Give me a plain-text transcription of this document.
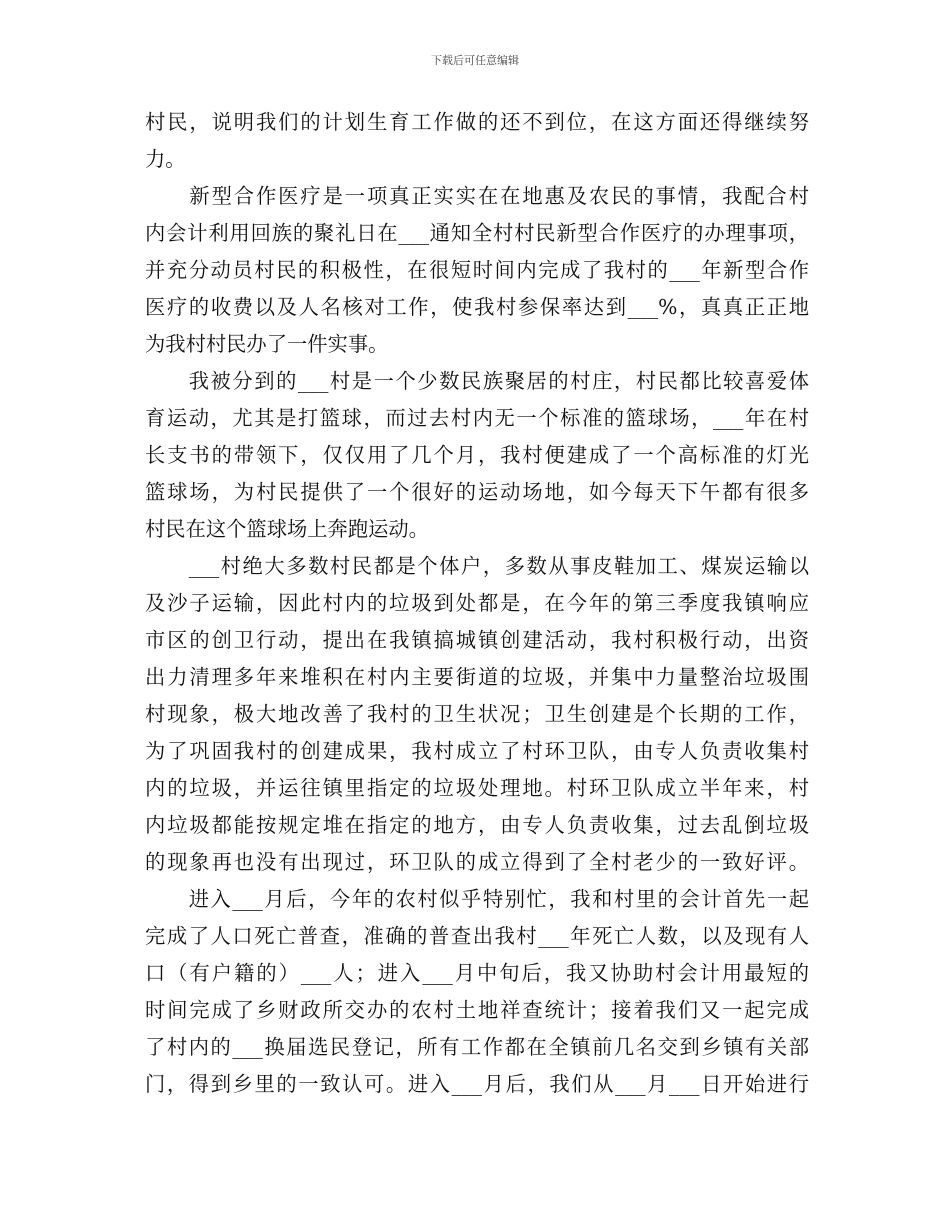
下载后可任意编辑
村民，说明我们的计划生育工作做的还不到位，在这方面还得继续努
力。
　　新型合作医疗是一项真正实实在在地惠及农民的事情，我配合村
内会计利用回族的聚礼日在___通知全村村民新型合作医疗的办理事项，
并充分动员村民的积极性，在很短时间内完成了我村的___年新型合作
医疗的收费以及人名核对工作，使我村参保率达到___%，真真正正地
为我村村民办了一件实事。
　　我被分到的___村是一个少数民族聚居的村庄，村民都比较喜爱体
育运动，尤其是打篮球，而过去村内无一个标准的篮球场，___年在村
长支书的带领下，仅仅用了几个月，我村便建成了一个高标准的灯光
篮球场，为村民提供了一个很好的运动场地，如今每天下午都有很多
村民在这个篮球场上奔跑运动。
　　___村绝大多数村民都是个体户，多数从事皮鞋加工、煤炭运输以
及沙子运输，因此村内的垃圾到处都是，在今年的第三季度我镇响应
市区的创卫行动，提出在我镇搞城镇创建活动，我村积极行动，出资
出力清理多年来堆积在村内主要街道的垃圾，并集中力量整治垃圾围
村现象，极大地改善了我村的卫生状况；卫生创建是个长期的工作，
为了巩固我村的创建成果，我村成立了村环卫队，由专人负责收集村
内的垃圾，并运往镇里指定的垃圾处理地。村环卫队成立半年来，村
内垃圾都能按规定堆在指定的地方，由专人负责收集，过去乱倒垃圾
的现象再也没有出现过，环卫队的成立得到了全村老少的一致好评。
　　进入___月后，今年的农村似乎特别忙，我和村里的会计首先一起
完成了人口死亡普查，准确的普查出我村___年死亡人数，以及现有人
口（有户籍的）___人；进入___月中旬后，我又协助村会计用最短的
时间完成了乡财政所交办的农村土地祥查统计；接着我们又一起完成
了村内的___换届选民登记，所有工作都在全镇前几名交到乡镇有关部
门，得到乡里的一致认可。进入___月后，我们从___月___日开始进行
